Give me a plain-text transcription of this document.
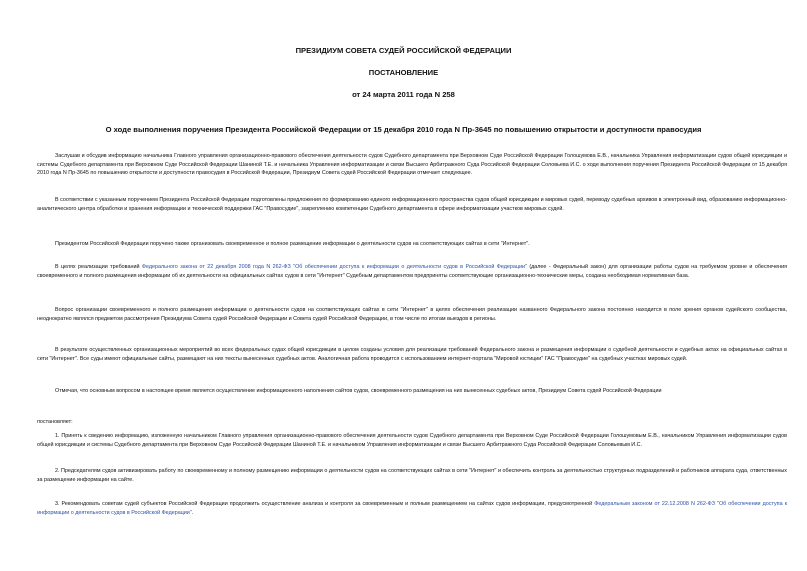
ПРЕЗИДИУМ СОВЕТА СУДЕЙ РОССИЙСКОЙ ФЕДЕРАЦИИ
ПОСТАНОВЛЕНИЕ
от 24 марта 2011 года N 258
О ходе выполнения поручения Президента Российской Федерации от 15 декабря 2010 года N Пр-3645 по повышению открытости и доступности правосудия
Заслушав и обсудив информацию начальника Главного управления организационно-правового обеспечения деятельности судов Судебного департамента при Верховном Суде Российской Федерации Голошумова Е.В., начальника Управления информатизации судов общей юрисдикции и системы Судебного департамента при Верховном Суде Российской Федерации Шаниной Т.Е. и начальника Управления информатизации и связи Высшего Арбитражного Суда Российской Федерации Соловьева И.С. о ходе выполнения поручения Президента Российской Федерации от 15 декабря 2010 года N Пр-3645 по повышению открытости и доступности правосудия в Российской Федерации, Президиум Совета судей Российской Федерации отмечает следующее.
В соответствии с указанным поручением Президента Российской Федерации подготовлены предложения по формированию единого информационного пространства судов общей юрисдикции и мировых судей, переводу судебных архивов в электронный вид, образованию информационно-аналитического центра обработки и хранения информации и технической поддержки ГАС "Правосудие", закреплению компетенции Судебного департамента в сфере информатизации участков мировых судей.
Президентом Российской Федерации поручено также организовать своевременное и полное размещение информации о деятельности судов на соответствующих сайтах в сети "Интернет".
В целях реализации требований Федерального закона от 22 декабря 2008 года N 262-ФЗ "Об обеспечении доступа к информации о деятельности судов в Российской Федерации" (далее - Федеральный закон) для организации работы судов на требуемом уровне и обеспечения своевременного и полного размещения информации об их деятельности на официальных сайтах судов в сети "Интернет" Судебным департаментом предприняты соответствующие организационно-технические меры, создана необходимая нормативная база.
Вопрос организации своевременного и полного размещения информации о деятельности судов на соответствующих сайтах в сети "Интернет" в целях обеспечения реализации названного Федерального закона постоянно находится в поле зрения органов судейского сообщества, неоднократно являлся предметом рассмотрения Президиума Совета судей Российской Федерации и Совета судей Российской Федерации, в том числе по итогам выездов в регионы.
В результате осуществленных организационных мероприятий во всех федеральных судах общей юрисдикции в целом созданы условия для реализации требований Федерального закона и размещения информации о судебной деятельности и судебных актах на официальных сайтах в сети "Интернет". Все суды имеют официальные сайты, размещают на них тексты вынесенных судебных актов. Аналогичная работа проводится с использованием интернет-портала "Мировой юстиции" ГАС "Правосудие" на судебных участках мировых судей.
Отмечая, что основным вопросом в настоящее время является осуществление информационного наполнения сайтов судов, своевременного размещения на них вынесенных судебных актов, Президиум Совета судей Российской Федерации
постановляет:
1. Принять к сведению информацию, изложенную начальником Главного управления организационно-правового обеспечения деятельности судов Судебного департамента при Верховном Суде Российской Федерации Голошумовым Е.В., начальником Управления информатизации судов общей юрисдикции и системы Судебного департамента при Верховном Суде Российской Федерации Шаниной Т.Е. и начальником Управления информатизации и связи Высшего Арбитражного Суда Российской Федерации Соловьевым И.С.
2. Председателям судов активизировать работу по своевременному и полному размещению информации о деятельности судов на соответствующих сайтах в сети "Интернет" и обеспечить контроль за деятельностью структурных подразделений и работников аппарата суда, ответственных за размещение информации на сайте.
3. Рекомендовать советам судей субъектов Российской Федерации продолжить осуществление анализа и контроля за своевременным и полным размещением на сайтах судов информации, предусмотренной Федеральным законом от 22.12.2008 N 262-ФЗ "Об обеспечении доступа к информации о деятельности судов в Российской Федерации".
